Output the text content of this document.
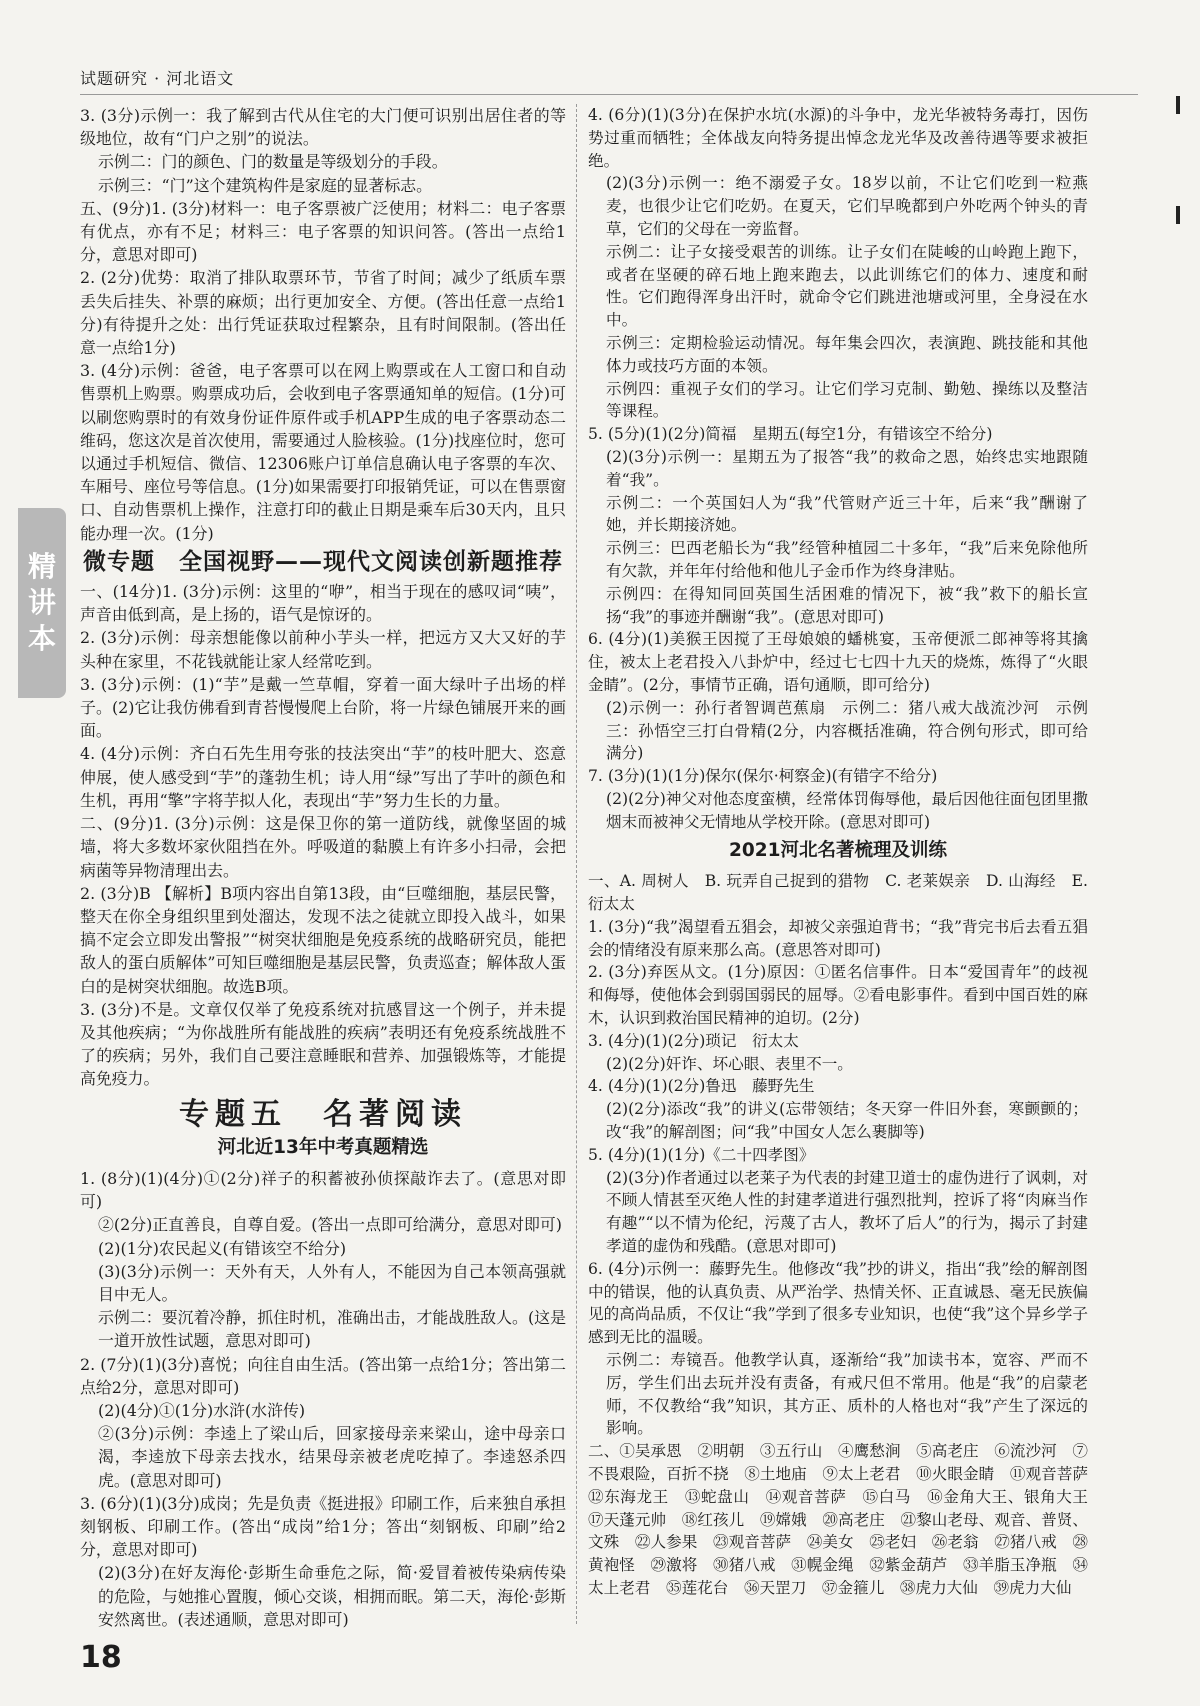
试题研究 · 河北语文
精
讲
本

3. (3分)示例一：我了解到古代从住宅的大门便可识别出居住者的等级地位，故有“门户之别”的说法。

示例二：门的颜色、门的数量是等级划分的手段。

示例三：“门”这个建筑构件是家庭的显著标志。

五、(9分)1. (3分)材料一：电子客票被广泛使用；材料二：电子客票有优点，亦有不足；材料三：电子客票的知识问答。(答出一点给1分，意思对即可)

2. (2分)优势：取消了排队取票环节，节省了时间；减少了纸质车票丢失后挂失、补票的麻烦；出行更加安全、方便。(答出任意一点给1分)有待提升之处：出行凭证获取过程繁杂，且有时间限制。(答出任意一点给1分)

3. (4分)示例：爸爸，电子客票可以在网上购票或在人工窗口和自动售票机上购票。购票成功后，会收到电子客票通知单的短信。(1分)可以刷您购票时的有效身份证件原件或手机APP生成的电子客票动态二维码，您这次是首次使用，需要通过人脸核验。(1分)找座位时，您可以通过手机短信、微信、12306账户订单信息确认电子客票的车次、车厢号、座位号等信息。(1分)如果需要打印报销凭证，可以在售票窗口、自动售票机上操作，注意打印的截止日期是乘车后30天内，且只能办理一次。(1分)

微专题　全国视野——现代文阅读创新题推荐

一、(14分)1. (3分)示例：这里的“咿”，相当于现在的感叹词“咦”，声音由低到高，是上扬的，语气是惊讶的。

2. (3分)示例：母亲想能像以前种小芋头一样，把远方又大又好的芋头种在家里，不花钱就能让家人经常吃到。

3. (3分)示例：(1)“芋”是戴一竺草帽，穿着一面大绿叶子出场的样子。(2)它让我仿佛看到青苔慢慢爬上台阶，将一片绿色铺展开来的画面。

4. (4分)示例：齐白石先生用夸张的技法突出“芋”的枝叶肥大、恣意伸展，使人感受到“芋”的蓬勃生机；诗人用“绿”写出了芋叶的颜色和生机，再用“擎”字将芋拟人化，表现出“芋”努力生长的力量。

二、(9分)1. (3分)示例：这是保卫你的第一道防线，就像坚固的城墙，将大多数坏家伙阻挡在外。呼吸道的黏膜上有许多小扫帚，会把病菌等异物清理出去。

2. (3分)B 【解析】B项内容出自第13段，由“巨噬细胞，基层民警，整天在你全身组织里到处溜达，发现不法之徒就立即投入战斗，如果搞不定会立即发出警报”“树突状细胞是免疫系统的战略研究员，能把敌人的蛋白质解体”可知巨噬细胞是基层民警，负责巡查；解体敌人蛋白的是树突状细胞。故选B项。

3. (3分)不是。文章仅仅举了免疫系统对抗感冒这一个例子，并未提及其他疾病；“为你战胜所有能战胜的疾病”表明还有免疫系统战胜不了的疾病；另外，我们自己要注意睡眠和营养、加强锻炼等，才能提高免疫力。

专题五　名著阅读

河北近13年中考真题精选

1. (8分)(1)(4分)①(2分)祥子的积蓄被孙侦探敲诈去了。(意思对即可)

②(2分)正直善良，自尊自爱。(答出一点即可给满分，意思对即可)

(2)(1分)农民起义(有错该空不给分)

(3)(3分)示例一：天外有天，人外有人，不能因为自己本领高强就目中无人。

示例二：要沉着冷静，抓住时机，准确出击，才能战胜敌人。(这是一道开放性试题，意思对即可)

2. (7分)(1)(3分)喜悦；向往自由生活。(答出第一点给1分；答出第二点给2分，意思对即可)

(2)(4分)①(1分)水浒(水浒传)

②(3分)示例：李逵上了梁山后，回家接母亲来梁山，途中母亲口渴，李逵放下母亲去找水，结果母亲被老虎吃掉了。李逵怒杀四虎。(意思对即可)

3. (6分)(1)(3分)成岗；先是负责《挺进报》印刷工作，后来独自承担刻钢板、印刷工作。(答出“成岗”给1分；答出“刻钢板、印刷”给2分，意思对即可)

(2)(3分)在好友海伦·彭斯生命垂危之际，简·爱冒着被传染病传染的危险，与她推心置腹，倾心交谈，相拥而眠。第二天，海伦·彭斯安然离世。(表述通顺，意思对即可)

4. (6分)(1)(3分)在保护水坑(水源)的斗争中，龙光华被特务毒打，因伤势过重而牺牲；全体战友向特务提出悼念龙光华及改善待遇等要求被拒绝。

(2)(3分)示例一：绝不溺爱子女。18岁以前，不让它们吃到一粒燕麦，也很少让它们吃奶。在夏天，它们早晚都到户外吃两个钟头的青草，它们的父母在一旁监督。

示例二：让子女接受艰苦的训练。让子女们在陡峻的山岭跑上跑下，或者在坚硬的碎石地上跑来跑去，以此训练它们的体力、速度和耐性。它们跑得浑身出汗时，就命令它们跳进池塘或河里，全身浸在水中。

示例三：定期检验运动情况。每年集会四次，表演跑、跳技能和其他体力或技巧方面的本领。

示例四：重视子女们的学习。让它们学习克制、勤勉、操练以及整洁等课程。

5. (5分)(1)(2分)简福　星期五(每空1分，有错该空不给分)

(2)(3分)示例一：星期五为了报答“我”的救命之恩，始终忠实地跟随着“我”。

示例二：一个英国妇人为“我”代管财产近三十年，后来“我”酬谢了她，并长期接济她。

示例三：巴西老船长为“我”经管种植园二十多年，“我”后来免除他所有欠款，并年年付给他和他儿子金币作为终身津贴。

示例四：在得知同回英国生活困难的情况下，被“我”救下的船长宣扬“我”的事迹并酬谢“我”。(意思对即可)

6. (4分)(1)美猴王因搅了王母娘娘的蟠桃宴，玉帝便派二郎神等将其擒住，被太上老君投入八卦炉中，经过七七四十九天的烧炼，炼得了“火眼金睛”。(2分，事情节正确，语句通顺，即可给分)

(2)示例一：孙行者智调芭蕉扇　示例二：猪八戒大战流沙河　示例三：孙悟空三打白骨精(2分，内容概括准确，符合例句形式，即可给满分)

7. (3分)(1)(1分)保尔(保尔·柯察金)(有错字不给分)

(2)(2分)神父对他态度蛮横，经常体罚侮辱他，最后因他往面包团里撒烟末而被神父无情地从学校开除。(意思对即可)

2021河北名著梳理及训练

一、A. 周树人　B. 玩弄自己捉到的猎物　C. 老莱娱亲　D. 山海经　E. 衍太太

1. (3分)“我”渴望看五猖会，却被父亲强迫背书；“我”背完书后去看五猖会的情绪没有原来那么高。(意思答对即可)

2. (3分)弃医从文。(1分)原因：①匿名信事件。日本“爱国青年”的歧视和侮辱，使他体会到弱国弱民的屈辱。②看电影事件。看到中国百姓的麻木，认识到救治国民精神的迫切。(2分)

3. (4分)(1)(2分)琐记　衍太太

(2)(2分)奸诈、坏心眼、表里不一。

4. (4分)(1)(2分)鲁迅　藤野先生

(2)(2分)添改“我”的讲义(忘带领结；冬天穿一件旧外套，寒颤颤的；改“我”的解剖图；问“我”中国女人怎么裹脚等)

5. (4分)(1)(1分)《二十四孝图》

(2)(3分)作者通过以老莱子为代表的封建卫道士的虚伪进行了讽刺，对不顾人情甚至灭绝人性的封建孝道进行强烈批判，控诉了将“肉麻当作有趣”“以不情为伦纪，污蔑了古人，教坏了后人”的行为，揭示了封建孝道的虚伪和残酷。(意思对即可)

6. (4分)示例一：藤野先生。他修改“我”抄的讲义，指出“我”绘的解剖图中的错误，他的认真负责、从严治学、热情关怀、正直诚恳、毫无民族偏见的高尚品质，不仅让“我”学到了很多专业知识，也使“我”这个异乡学子感到无比的温暖。

示例二：寿镜吾。他教学认真，逐渐给“我”加读书本，宽容、严而不厉，学生们出去玩并没有责备，有戒尺但不常用。他是“我”的启蒙老师，不仅教给“我”知识，其方正、质朴的人格也对“我”产生了深远的影响。

二、①吴承恩　②明朝　③五行山　④鹰愁涧　⑤高老庄　⑥流沙河　⑦不畏艰险，百折不挠　⑧土地庙　⑨太上老君　⑩火眼金睛　⑪观音菩萨　⑫东海龙王　⑬蛇盘山　⑭观音菩萨　⑮白马　⑯金角大王、银角大王　⑰天蓬元帅　⑱红孩儿　⑲嫦娥　⑳高老庄　㉑黎山老母、观音、普贤、文殊　㉒人参果　㉓观音菩萨　㉔美女　㉕老妇　㉖老翁　㉗猪八戒　㉘黄袍怪　㉙激将　㉚猪八戒　㉛幌金绳　㉜紫金葫芦　㉝羊脂玉净瓶　㉞太上老君　㉟莲花台　㊱天罡刀　㊲金箍儿　㊳虎力大仙　㊴虎力大仙

18
